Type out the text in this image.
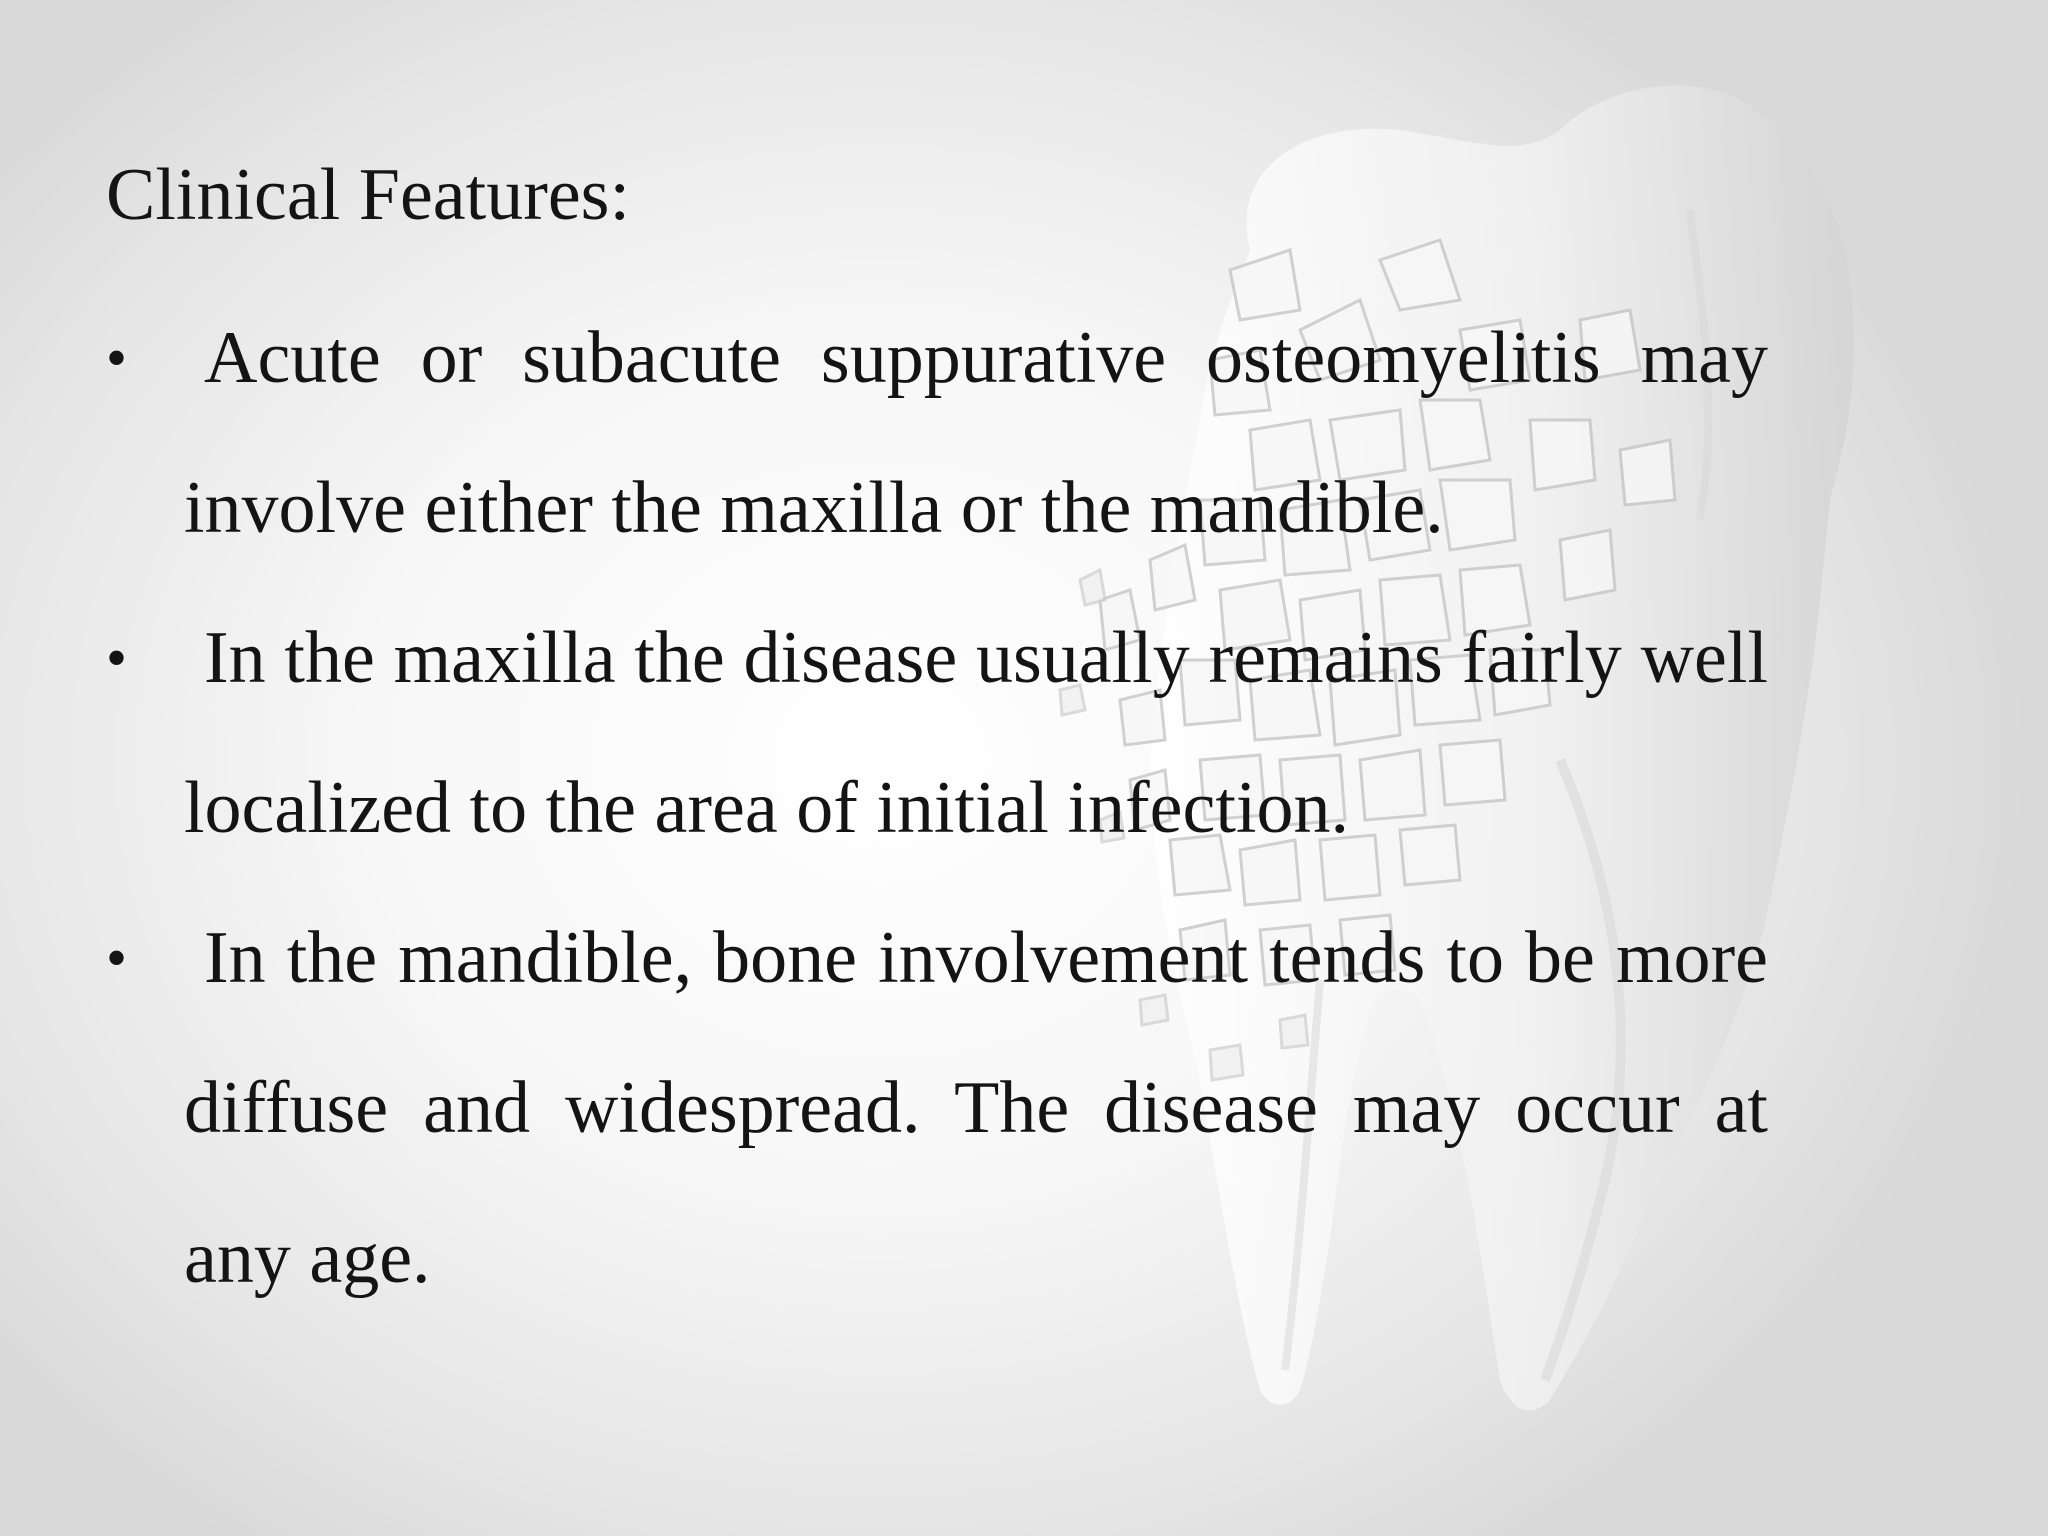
Clinical Features:
• Acute or subacute suppurative osteomyelitis may involve either the maxilla or the mandible.

• In the maxilla the disease usually remains fairly well localized to the area of initial infection.

• In the mandible, bone involvement tends to be more diffuse and widespread. The disease may occur at any age.
